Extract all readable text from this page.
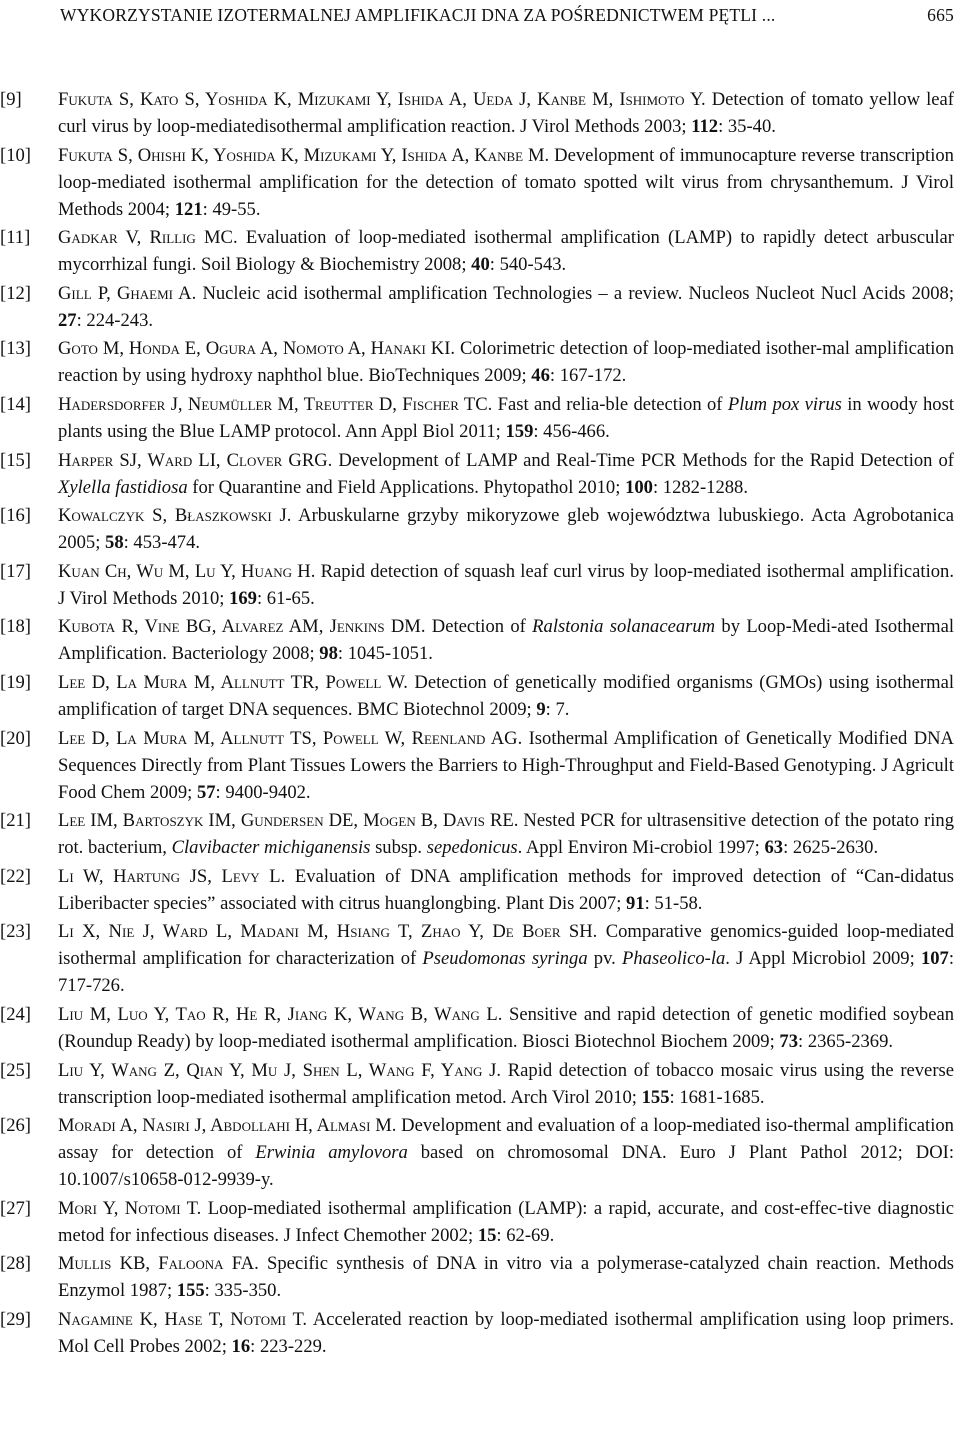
WYKORZYSTANIE IZOTERMALNEJ AMPLIFIKACJI DNA ZA POŚREDNICTWEM PĘTLI ...	665

[9] Fukuta S, Kato S, Yoshida K, Mizukami Y, Ishida A, Ueda J, Kanbe M, Ishimoto Y. Detection of tomato yellow leaf curl virus by loop-mediatedisothermal amplification reaction. J Virol Methods 2003; 112: 35-40.

[10] Fukuta S, Ohishi K, Yoshida K, Mizukami Y, Ishida A, Kanbe M. Development of immunocapture reverse transcription loop-mediated isothermal amplification for the detection of tomato spotted wilt virus from chrysanthemum. J Virol Methods 2004; 121: 49-55.

[11] Gadkar V, Rillig MC. Evaluation of loop-mediated isothermal amplification (LAMP) to rapidly detect arbuscular mycorrhizal fungi. Soil Biology & Biochemistry 2008; 40: 540-543.

[12] Gill P, Ghaemi A. Nucleic acid isothermal amplification Technologies – a review. Nucleos Nucleot Nucl Acids 2008; 27: 224-243.

[13] Goto M, Honda E, Ogura A, Nomoto A, Hanaki KI. Colorimetric detection of loop-mediated isother-mal amplification reaction by using hydroxy naphthol blue. BioTechniques 2009; 46: 167-172.

[14] Hadersdorfer J, Neumüller M, Treutter D, Fischer TC. Fast and relia-ble detection of Plum pox virus in woody host plants using the Blue LAMP protocol. Ann Appl Biol 2011; 159: 456-466.

[15] Harper SJ, Ward LI, Clover GRG. Development of LAMP and Real-Time PCR Methods for the Rapid Detection of Xylella fastidiosa for Quarantine and Field Applications. Phytopathol 2010; 100: 1282-1288.

[16] Kowalczyk S, Błaszkowski J. Arbuskularne grzyby mikoryzowe gleb województwa lubuskiego. Acta Agrobotanica 2005; 58: 453-474.

[17] Kuan Ch, Wu M, Lu Y, Huang H. Rapid detection of squash leaf curl virus by loop-mediated isothermal amplification. J Virol Methods 2010; 169: 61-65.

[18] Kubota R, Vine BG, Alvarez AM, Jenkins DM. Detection of Ralstonia solanacearum by Loop-Medi-ated Isothermal Amplification. Bacteriology 2008; 98: 1045-1051.

[19] Lee D, La Mura M, Allnutt TR, Powell W. Detection of genetically modified organisms (GMOs) using isothermal amplification of target DNA sequences. BMC Biotechnol 2009; 9: 7.

[20] Lee D, La Mura M, Allnutt TS, Powell W, Reenland AG. Isothermal Amplification of Genetically Modified DNA Sequences Directly from Plant Tissues Lowers the Barriers to High-Throughput and Field-Based Genotyping. J Agricult Food Chem 2009; 57: 9400-9402.

[21] Lee IM, Bartoszyk IM, Gundersen DE, Mogen B, Davis RE. Nested PCR for ultrasensitive detection of the potato ring rot. bacterium, Clavibacter michiganensis subsp. sepedonicus. Appl Environ Mi-crobiol 1997; 63: 2625-2630.

[22] Li W, Hartung JS, Levy L. Evaluation of DNA amplification methods for improved detection of “Can-didatus Liberibacter species” associated with citrus huanglongbing. Plant Dis 2007; 91: 51-58.

[23] Li X, Nie J, Ward L, Madani M, Hsiang T, Zhao Y, De Boer SH. Comparative genomics-guided loop-mediated isothermal amplification for characterization of Pseudomonas syringa pv. Phaseolico-la. J Appl Microbiol 2009; 107: 717-726.

[24] Liu M, Luo Y, Tao R, He R, Jiang K, Wang B, Wang L. Sensitive and rapid detection of genetic modified soybean (Roundup Ready) by loop-mediated isothermal amplification. Biosci Biotechnol Biochem 2009; 73: 2365-2369.

[25] Liu Y, Wang Z, Qian Y, Mu J, Shen L, Wang F, Yang J. Rapid detection of tobacco mosaic virus using the reverse transcription loop-mediated isothermal amplification metod. Arch Virol 2010; 155: 1681-1685.

[26] Moradi A, Nasiri J, Abdollahi H, Almasi M. Development and evaluation of a loop-mediated iso-thermal amplification assay for detection of Erwinia amylovora based on chromosomal DNA. Euro J Plant Pathol 2012; DOI: 10.1007/s10658-012-9939-y.

[27] Mori Y, Notomi T. Loop-mediated isothermal amplification (LAMP): a rapid, accurate, and cost-effec-tive diagnostic metod for infectious diseases. J Infect Chemother 2002; 15: 62-69.

[28] Mullis KB, Faloona FA. Specific synthesis of DNA in vitro via a polymerase-catalyzed chain reaction. Methods Enzymol 1987; 155: 335-350.

[29] Nagamine K, Hase T, Notomi T. Accelerated reaction by loop-mediated isothermal amplification using loop primers. Mol Cell Probes 2002; 16: 223-229.
